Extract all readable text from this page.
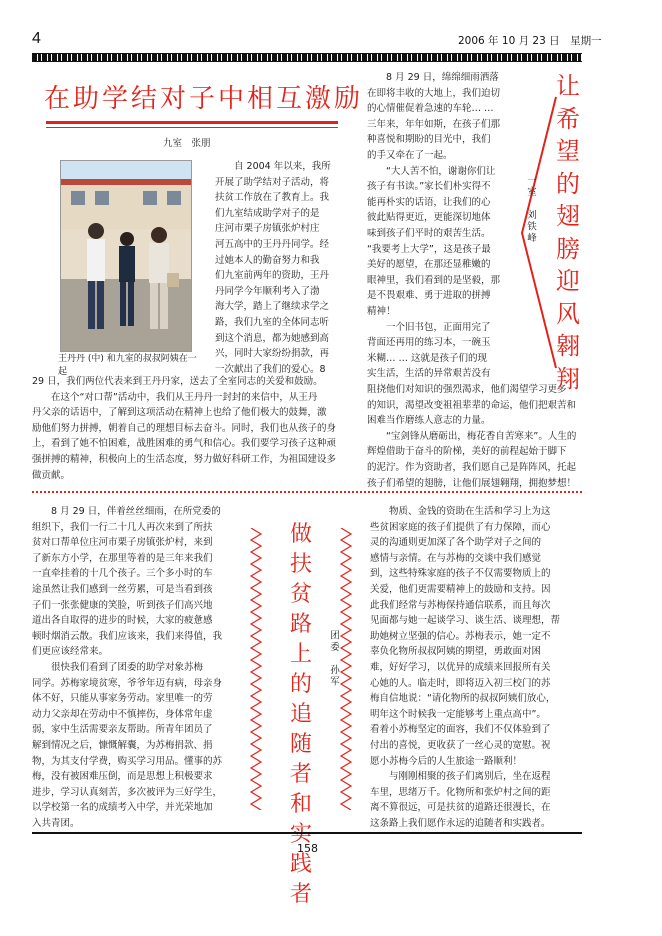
4	2006 年 10 月 23 日　星期一
在助学结对子中相互激励
九室　张朋
王丹丹 (中) 和九室的叔叔阿姨在一起

　　自 2004 年以来，我所

开展了助学结对子活动，将

扶贫工作放在了教育上。我

们九室结成助学对子的是

庄河市栗子房镇张炉村庄

河五高中的王丹丹同学。经

过她本人的勤奋努力和我

们九室前两年的资助，王丹

丹同学今年顺利考入了渤

海大学，踏上了继续求学之

路，我们九室的全体同志听

到这个消息，都为她感到高

兴，同时大家纷纷捐款，再

一次献出了我们的爱心。8

29 日，我们两位代表来到王丹丹家，送去了全室同志的关爱和鼓励。

　　在这个“对口帮”活动中，我们从王丹丹一封封的来信中，从王丹

丹父亲的话语中，了解到这项活动在精神上也给了他们极大的鼓舞，激

励他们努力拼搏，朝着自己的理想目标去奋斗。同时，我们也从孩子的身

上，看到了她不怕困难，战胜困难的勇气和信心。我们要学习孩子这种顽

强拼搏的精神，积极向上的生活态度，努力做好科研工作，为祖国建设多

做贡献。

　　8 月 29 日，绵绵细雨洒落

在即将丰收的大地上，我们迫切

的心情催促着急速的车轮… …

三年来，年年如斯，在孩子们那

种喜悦和期盼的目光中，我们

的手又牵在了一起。

　　“大人苦不怕，谢谢你们让

孩子有书读。”家长们朴实得不

能再朴实的话语，让我们的心

彼此贴得更近，更能深切地体

味到孩子们平时的艰苦生活。

“我要考上大学”，这是孩子最

美好的愿望，在那还显稚嫩的

眼神里，我们看到的是坚毅，那

是不畏艰难、勇于进取的拼搏

精神！

　　一个旧书包，正面用完了

背面还再用的练习本，一碗玉

米糊… … 这就是孩子们的现

实生活，生活的异常艰苦没有

阻挠他们对知识的强烈渴求，他们渴望学习更多

的知识，渴望改变祖祖辈辈的命运，他们把艰苦和

困难当作磨练人意志的力量。

　　“宝剑锋从磨砺出，梅花香自苦寒来”。人生的

辉煌借助于奋斗的阶梯，美好的前程起始于脚下

的泥泞。作为资助者，我们愿自己是阵阵风，托起

孩子们希望的翅膀，让他们展翅翱翔，拥抱梦想！

让
希
望
的
翅
膀
迎
风
翱
翔
一室　刘铁峰

　　8 月 29 日，伴着丝丝细雨，在所党委的

组织下，我们一行二十几人再次来到了所扶

贫对口帮单位庄河市栗子房镇张炉村，来到

了新东方小学，在那里等着的是三年来我们

一直牵挂着的十几个孩子。三个多小时的车

途虽然让我们感到一丝劳累，可是当看到孩

子们一张张健康的笑脸，听到孩子们高兴地

道出各自取得的进步的时候，大家的疲惫感

顿时烟消云散。我们应该来，我们来得值，我

们更应该经常来。

　　很快我们看到了团委的助学对象苏梅

同学。苏梅家境贫寒，爷爷年迈有病，母亲身

体不好，只能从事家务劳动。家里唯一的劳

动力父亲却在劳动中不慎摔伤，身体常年虚

弱，家中生活需要亲友帮助。所青年团员了

解到情况之后，慷慨解囊，为苏梅捐款、捐

物，为其支付学费，购买学习用品。懂事的苏

梅，没有被困难压倒，而是思想上积极要求

进步，学习认真刻苦，多次被评为三好学生，

以学校第一名的成绩考入中学，并光荣地加

入共青团。

做
扶
贫
路
上
的
追
随
者
和
实
践
者
团委　孙军

　　物质、金钱的资助在生活和学习上为这

些贫困家庭的孩子们提供了有力保障，而心

灵的沟通则更加深了各个助学对子之间的

感情与亲情。在与苏梅的交谈中我们感觉

到，这些特殊家庭的孩子不仅需要物质上的

关爱，他们更需要精神上的鼓励和支持。因

此我们经常与苏梅保持通信联系，而且每次

见面都与她一起谈学习、谈生活、谈理想，帮

助她树立坚强的信心。苏梅表示，她一定不

辜负化物所叔叔阿姨的期望，勇敢面对困

难，好好学习，以优异的成绩来回报所有关

心她的人。临走时，即将迈入初三校门的苏

梅自信地说：“请化物所的叔叔阿姨们放心，

明年这个时候我一定能够考上重点高中”。

看着小苏梅坚定的面容，我们不仅体验到了

付出的喜悦，更收获了一丝心灵的宽慰。祝

愿小苏梅今后的人生旅途一路顺利！

　　与刚刚相聚的孩子们离别后，坐在返程

车里，思绪万千。化物所和张炉村之间的距

离不算很远，可是扶贫的道路还很漫长，在

这条路上我们愿作永远的追随者和实践者。

158
